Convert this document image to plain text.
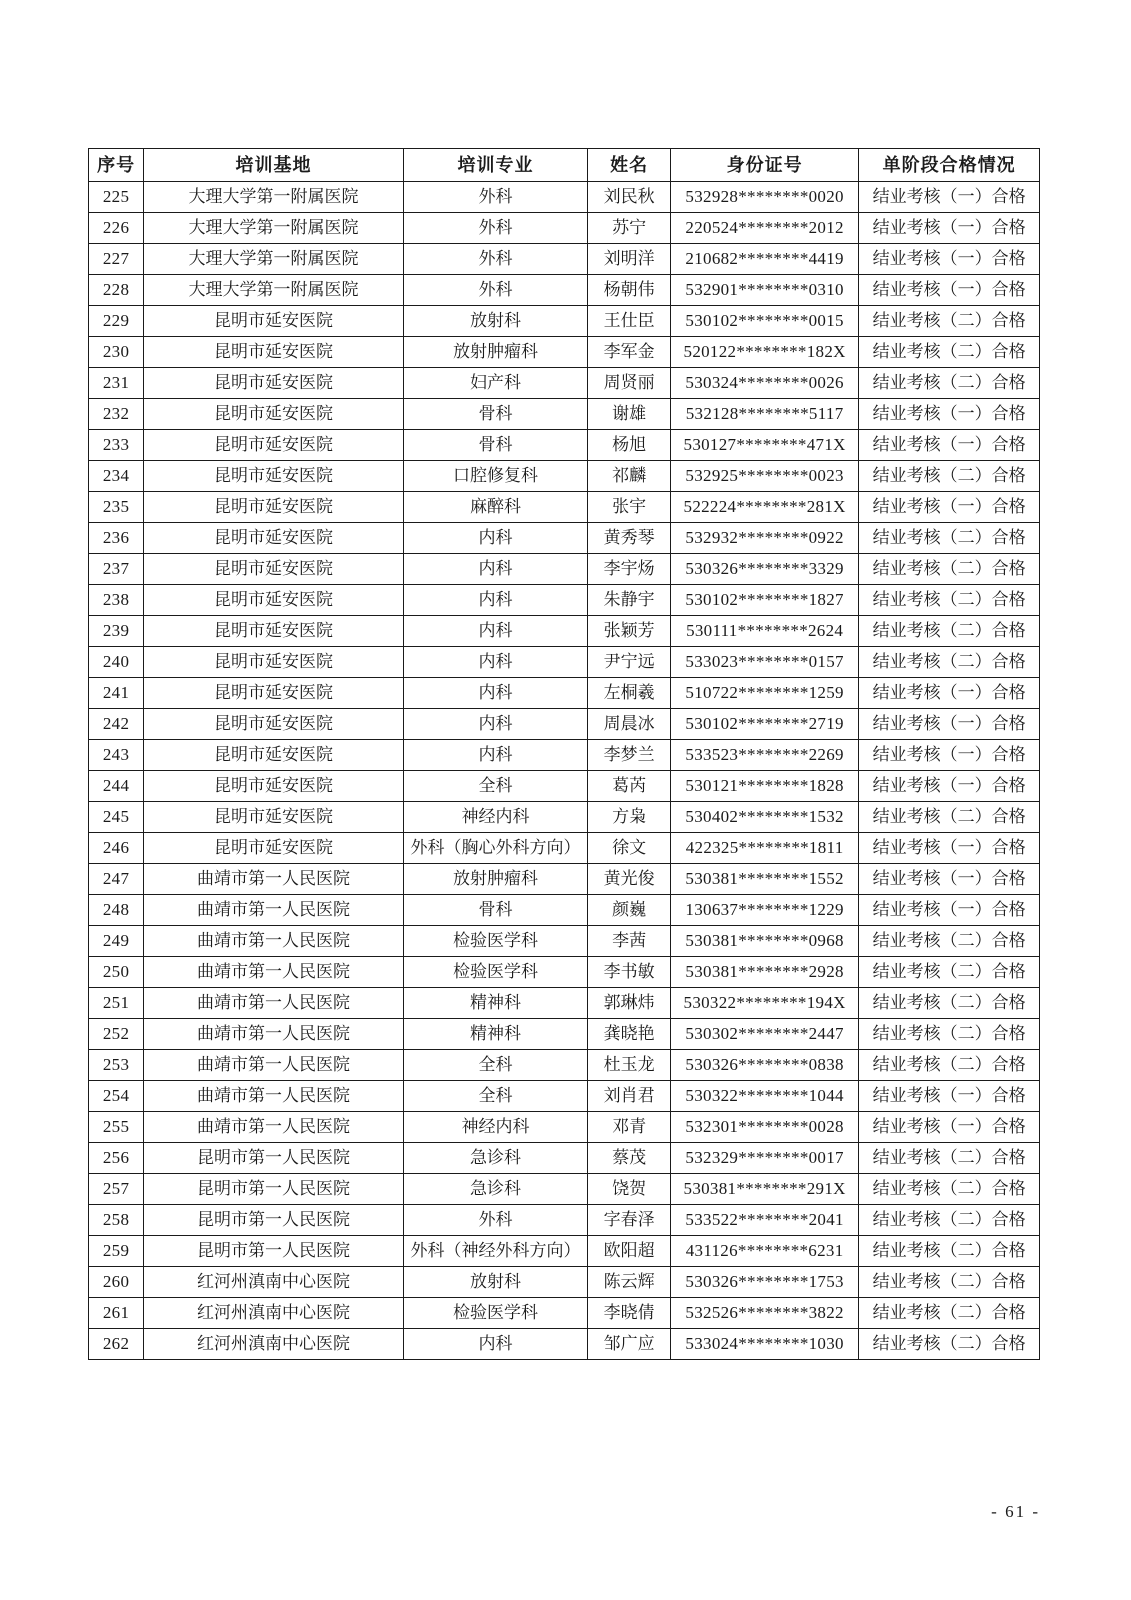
序号	培训基地	培训专业	姓名	身份证号	单阶段合格情况
225	大理大学第一附属医院	外科	刘民秋	532928********0020	结业考核（一）合格
226	大理大学第一附属医院	外科	苏宁	220524********2012	结业考核（一）合格
227	大理大学第一附属医院	外科	刘明洋	210682********4419	结业考核（一）合格
228	大理大学第一附属医院	外科	杨朝伟	532901********0310	结业考核（一）合格
229	昆明市延安医院	放射科	王仕臣	530102********0015	结业考核（二）合格
230	昆明市延安医院	放射肿瘤科	李军金	520122********182X	结业考核（二）合格
231	昆明市延安医院	妇产科	周贤丽	530324********0026	结业考核（二）合格
232	昆明市延安医院	骨科	谢雄	532128********5117	结业考核（一）合格
233	昆明市延安医院	骨科	杨旭	530127********471X	结业考核（一）合格
234	昆明市延安医院	口腔修复科	祁麟	532925********0023	结业考核（二）合格
235	昆明市延安医院	麻醉科	张宇	522224********281X	结业考核（一）合格
236	昆明市延安医院	内科	黄秀琴	532932********0922	结业考核（二）合格
237	昆明市延安医院	内科	李宇炀	530326********3329	结业考核（二）合格
238	昆明市延安医院	内科	朱静宇	530102********1827	结业考核（二）合格
239	昆明市延安医院	内科	张颖芳	530111********2624	结业考核（二）合格
240	昆明市延安医院	内科	尹宁远	533023********0157	结业考核（二）合格
241	昆明市延安医院	内科	左桐羲	510722********1259	结业考核（一）合格
242	昆明市延安医院	内科	周晨冰	530102********2719	结业考核（一）合格
243	昆明市延安医院	内科	李梦兰	533523********2269	结业考核（一）合格
244	昆明市延安医院	全科	葛芮	530121********1828	结业考核（一）合格
245	昆明市延安医院	神经内科	方枭	530402********1532	结业考核（二）合格
246	昆明市延安医院	外科（胸心外科方向）	徐文	422325********1811	结业考核（一）合格
247	曲靖市第一人民医院	放射肿瘤科	黄光俊	530381********1552	结业考核（一）合格
248	曲靖市第一人民医院	骨科	颜巍	130637********1229	结业考核（一）合格
249	曲靖市第一人民医院	检验医学科	李茜	530381********0968	结业考核（二）合格
250	曲靖市第一人民医院	检验医学科	李书敏	530381********2928	结业考核（二）合格
251	曲靖市第一人民医院	精神科	郭琳炜	530322********194X	结业考核（二）合格
252	曲靖市第一人民医院	精神科	龚晓艳	530302********2447	结业考核（二）合格
253	曲靖市第一人民医院	全科	杜玉龙	530326********0838	结业考核（二）合格
254	曲靖市第一人民医院	全科	刘肖君	530322********1044	结业考核（一）合格
255	曲靖市第一人民医院	神经内科	邓青	532301********0028	结业考核（一）合格
256	昆明市第一人民医院	急诊科	蔡茂	532329********0017	结业考核（二）合格
257	昆明市第一人民医院	急诊科	饶贺	530381********291X	结业考核（二）合格
258	昆明市第一人民医院	外科	字春泽	533522********2041	结业考核（二）合格
259	昆明市第一人民医院	外科（神经外科方向）	欧阳超	431126********6231	结业考核（二）合格
260	红河州滇南中心医院	放射科	陈云辉	530326********1753	结业考核（二）合格
261	红河州滇南中心医院	检验医学科	李晓倩	532526********3822	结业考核（二）合格
262	红河州滇南中心医院	内科	邹广应	533024********1030	结业考核（二）合格
- 61 -
